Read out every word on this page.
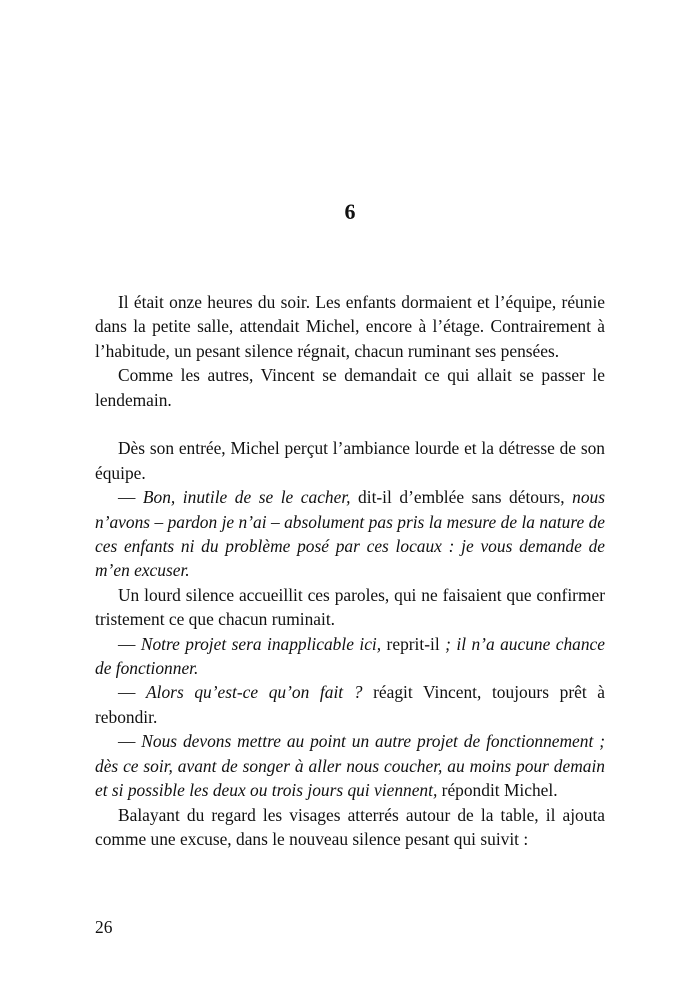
6

Il était onze heures du soir. Les enfants dormaient et l’équipe, réunie dans la petite salle, attendait Michel, encore à l’étage. Contrairement à l’habitude, un pesant silence régnait, chacun ruminant ses pensées.

Comme les autres, Vincent se demandait ce qui allait se passer le lendemain.

Dès son entrée, Michel perçut l’ambiance lourde et la détresse de son équipe.

— Bon, inutile de se le cacher, dit-il d’emblée sans détours, nous n’avons – pardon je n’ai – absolument pas pris la mesure de la nature de ces enfants ni du problème posé par ces locaux : je vous demande de m’en excuser.

Un lourd silence accueillit ces paroles, qui ne faisaient que confirmer tristement ce que chacun ruminait.

— Notre projet sera inapplicable ici, reprit-il ; il n’a aucune chance de fonctionner.

— Alors qu’est-ce qu’on fait ? réagit Vincent, toujours prêt à rebondir.

— Nous devons mettre au point un autre projet de fonctionnement ; dès ce soir, avant de songer à aller nous coucher, au moins pour demain et si possible les deux ou trois jours qui viennent, répondit Michel.

Balayant du regard les visages atterrés autour de la table, il ajouta comme une excuse, dans le nouveau silence pesant qui suivit :

26
